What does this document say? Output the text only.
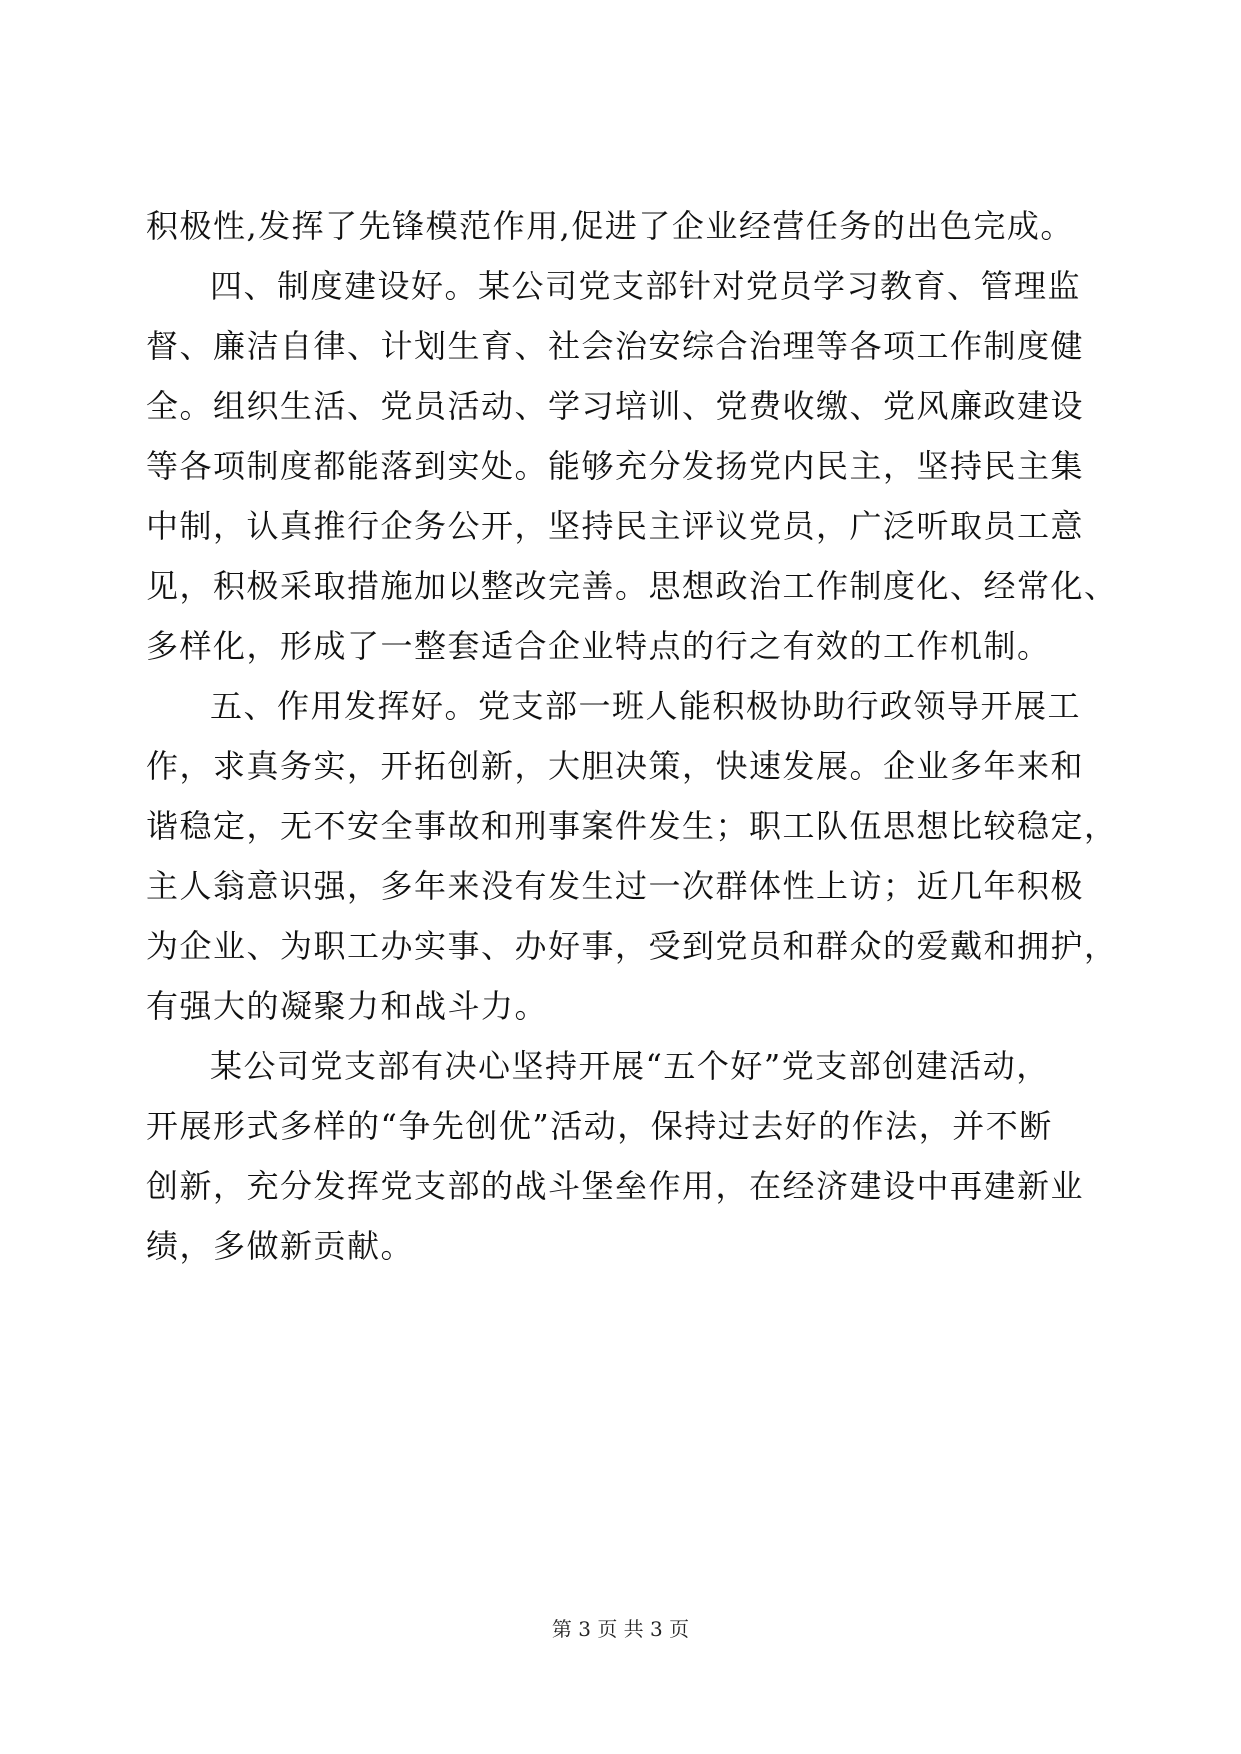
积极性,发挥了先锋模范作用,促进了企业经营任务的出色完成。
四、制度建设好。某公司党支部针对党员学习教育、管理监
督、廉洁自律、计划生育、社会治安综合治理等各项工作制度健
全。组织生活、党员活动、学习培训、党费收缴、党风廉政建设
等各项制度都能落到实处。能够充分发扬党内民主，坚持民主集
中制，认真推行企务公开，坚持民主评议党员，广泛听取员工意
见，积极采取措施加以整改完善。思想政治工作制度化、经常化、
多样化，形成了一整套适合企业特点的行之有效的工作机制。
五、作用发挥好。党支部一班人能积极协助行政领导开展工
作，求真务实，开拓创新，大胆决策，快速发展。企业多年来和
谐稳定，无不安全事故和刑事案件发生；职工队伍思想比较稳定，
主人翁意识强，多年来没有发生过一次群体性上访；近几年积极
为企业、为职工办实事、办好事，受到党员和群众的爱戴和拥护，
有强大的凝聚力和战斗力。
某公司党支部有决心坚持开展“五个好”党支部创建活动，
开展形式多样的“争先创优”活动，保持过去好的作法，并不断
创新，充分发挥党支部的战斗堡垒作用，在经济建设中再建新业
绩，多做新贡献。
第 3 页 共 3 页
